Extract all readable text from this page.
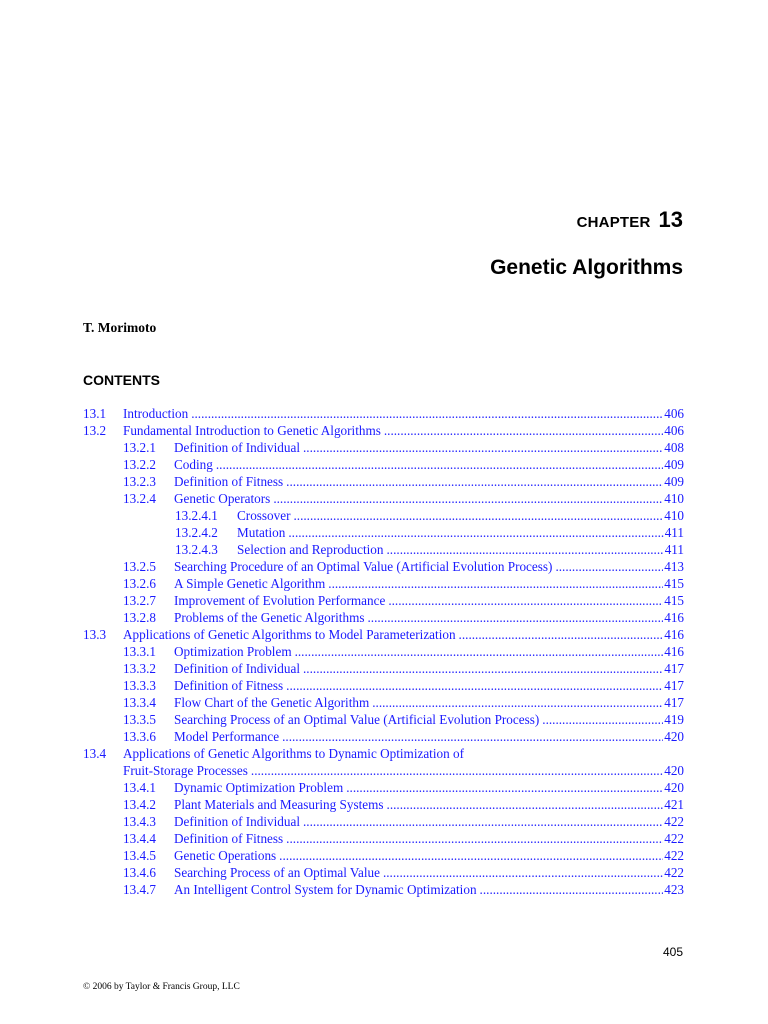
CHAPTER 13
Genetic Algorithms
T. Morimoto
CONTENTS
13.1	Introduction .....	406
13.2	Fundamental Introduction to Genetic Algorithms .....	406
13.2.1	Definition of Individual .....	408
13.2.2	Coding .....	409
13.2.3	Definition of Fitness .....	409
13.2.4	Genetic Operators .....	410
13.2.4.1	Crossover .....	410
13.2.4.2	Mutation .....	411
13.2.4.3	Selection and Reproduction .....	411
13.2.5	Searching Procedure of an Optimal Value (Artificial Evolution Process) .....	413
13.2.6	A Simple Genetic Algorithm .....	415
13.2.7	Improvement of Evolution Performance .....	415
13.2.8	Problems of the Genetic Algorithms .....	416
13.3	Applications of Genetic Algorithms to Model Parameterization .....	416
13.3.1	Optimization Problem .....	416
13.3.2	Definition of Individual .....	417
13.3.3	Definition of Fitness .....	417
13.3.4	Flow Chart of the Genetic Algorithm .....	417
13.3.5	Searching Process of an Optimal Value (Artificial Evolution Process) .....	419
13.3.6	Model Performance .....	420
13.4	Applications of Genetic Algorithms to Dynamic Optimization of
Fruit-Storage Processes .....	420
13.4.1	Dynamic Optimization Problem .....	420
13.4.2	Plant Materials and Measuring Systems .....	421
13.4.3	Definition of Individual .....	422
13.4.4	Definition of Fitness .....	422
13.4.5	Genetic Operations .....	422
13.4.6	Searching Process of an Optimal Value .....	422
13.4.7	An Intelligent Control System for Dynamic Optimization .....	423
405
© 2006 by Taylor & Francis Group, LLC
